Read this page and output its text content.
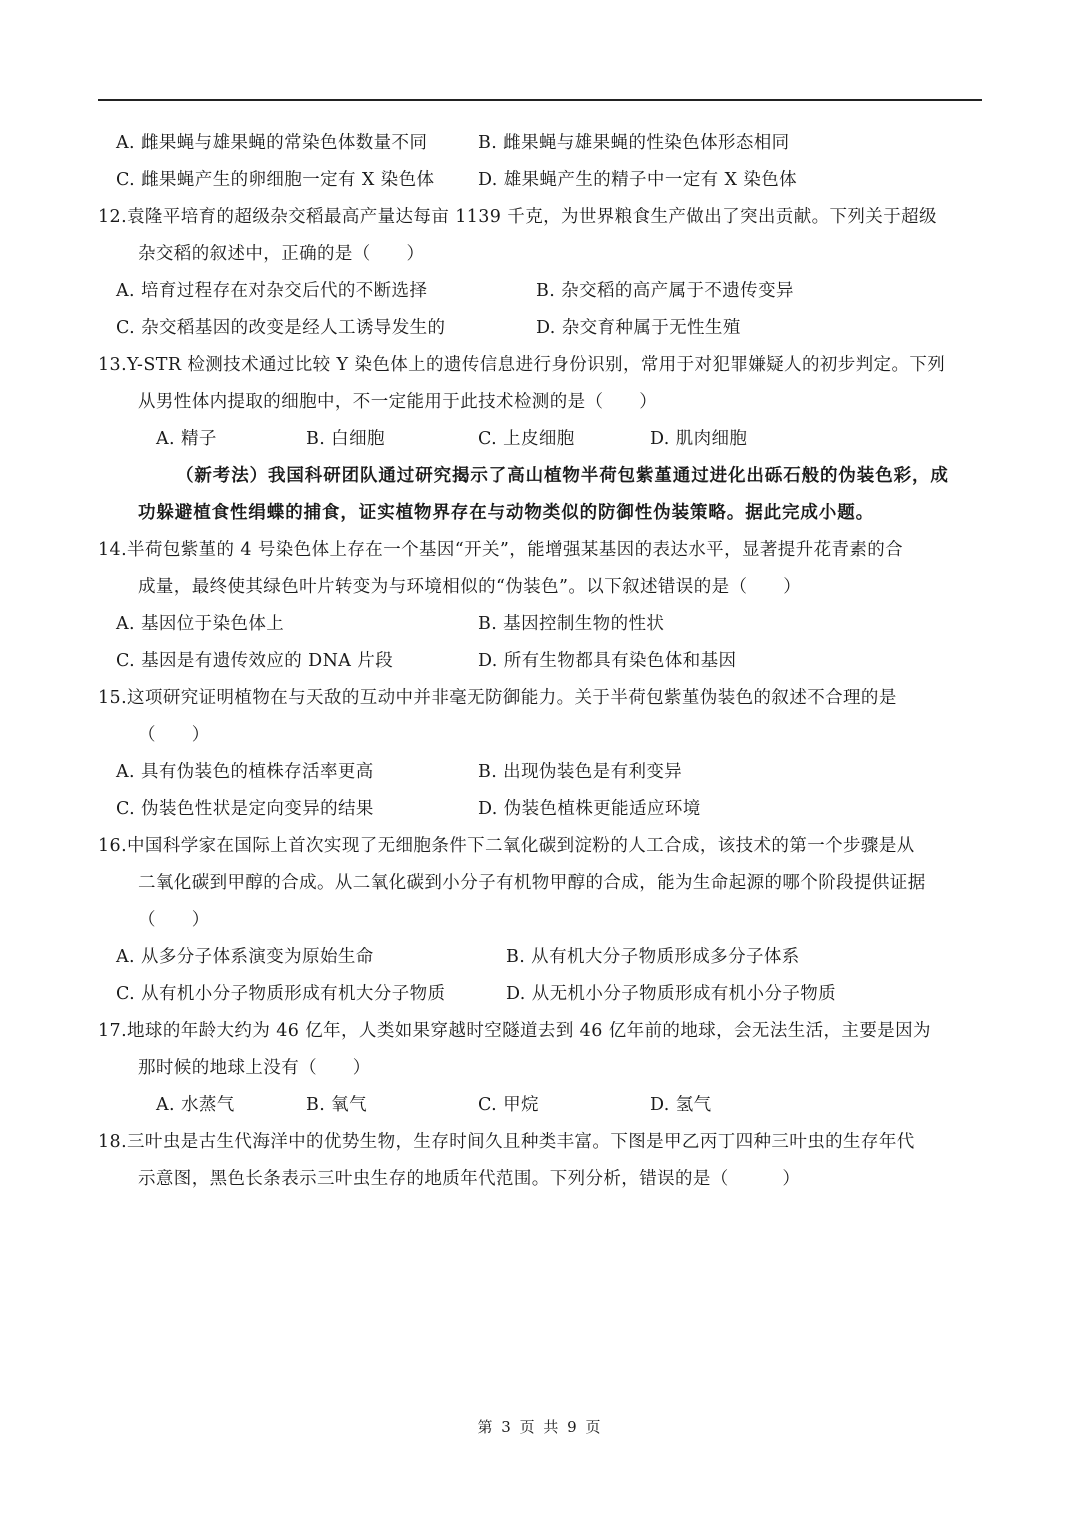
A. 雌果蝇与雄果蝇的常染色体数量不同	B. 雌果蝇与雄果蝇的性染色体形态相同
C. 雌果蝇产生的卵细胞一定有 X 染色体 D. 雄果蝇产生的精子中一定有 X 染色体
12.袁隆平培育的超级杂交稻最高产量达每亩 1139 千克，为世界粮食生产做出了突出贡献。下列关于超级
杂交稻的叙述中，正确的是（　　）
A. 培育过程存在对杂交后代的不断选择	B. 杂交稻的高产属于不遗传变异
C. 杂交稻基因的改变是经人工诱导发生的	D. 杂交育种属于无性生殖
13.Y-STR 检测技术通过比较 Y 染色体上的遗传信息进行身份识别，常用于对犯罪嫌疑人的初步判定。下列
从男性体内提取的细胞中，不一定能用于此技术检测的是（　　）
A. 精子	B. 白细胞	C. 上皮细胞	D. 肌肉细胞
（新考法）我国科研团队通过研究揭示了高山植物半荷包紫堇通过进化出砾石般的伪装色彩，成
功躲避植食性绢蝶的捕食，证实植物界存在与动物类似的防御性伪装策略。据此完成小题。
14.半荷包紫堇的 4 号染色体上存在一个基因“开关”，能增强某基因的表达水平，显著提升花青素的合
成量，最终使其绿色叶片转变为与环境相似的“伪装色”。以下叙述错误的是（　　）
A. 基因位于染色体上	B. 基因控制生物的性状
C. 基因是有遗传效应的 DNA 片段	D. 所有生物都具有染色体和基因
15.这项研究证明植物在与天敌的互动中并非毫无防御能力。关于半荷包紫堇伪装色的叙述不合理的是
（　　）
A. 具有伪装色的植株存活率更高	B. 出现伪装色是有利变异
C. 伪装色性状是定向变异的结果	D. 伪装色植株更能适应环境
16.中国科学家在国际上首次实现了无细胞条件下二氧化碳到淀粉的人工合成，该技术的第一个步骤是从
二氧化碳到甲醇的合成。从二氧化碳到小分子有机物甲醇的合成，能为生命起源的哪个阶段提供证据
（　　）
A. 从多分子体系演变为原始生命	B. 从有机大分子物质形成多分子体系
C. 从有机小分子物质形成有机大分子物质	D. 从无机小分子物质形成有机小分子物质
17.地球的年龄大约为 46 亿年，人类如果穿越时空隧道去到 46 亿年前的地球，会无法生活，主要是因为
那时候的地球上没有（　　）
A. 水蒸气	B. 氧气	C. 甲烷	D. 氢气
18.三叶虫是古生代海洋中的优势生物，生存时间久且种类丰富。下图是甲乙丙丁四种三叶虫的生存年代
示意图，黑色长条表示三叶虫生存的地质年代范围。下列分析，错误的是（　　　）
第 3 页 共 9 页
